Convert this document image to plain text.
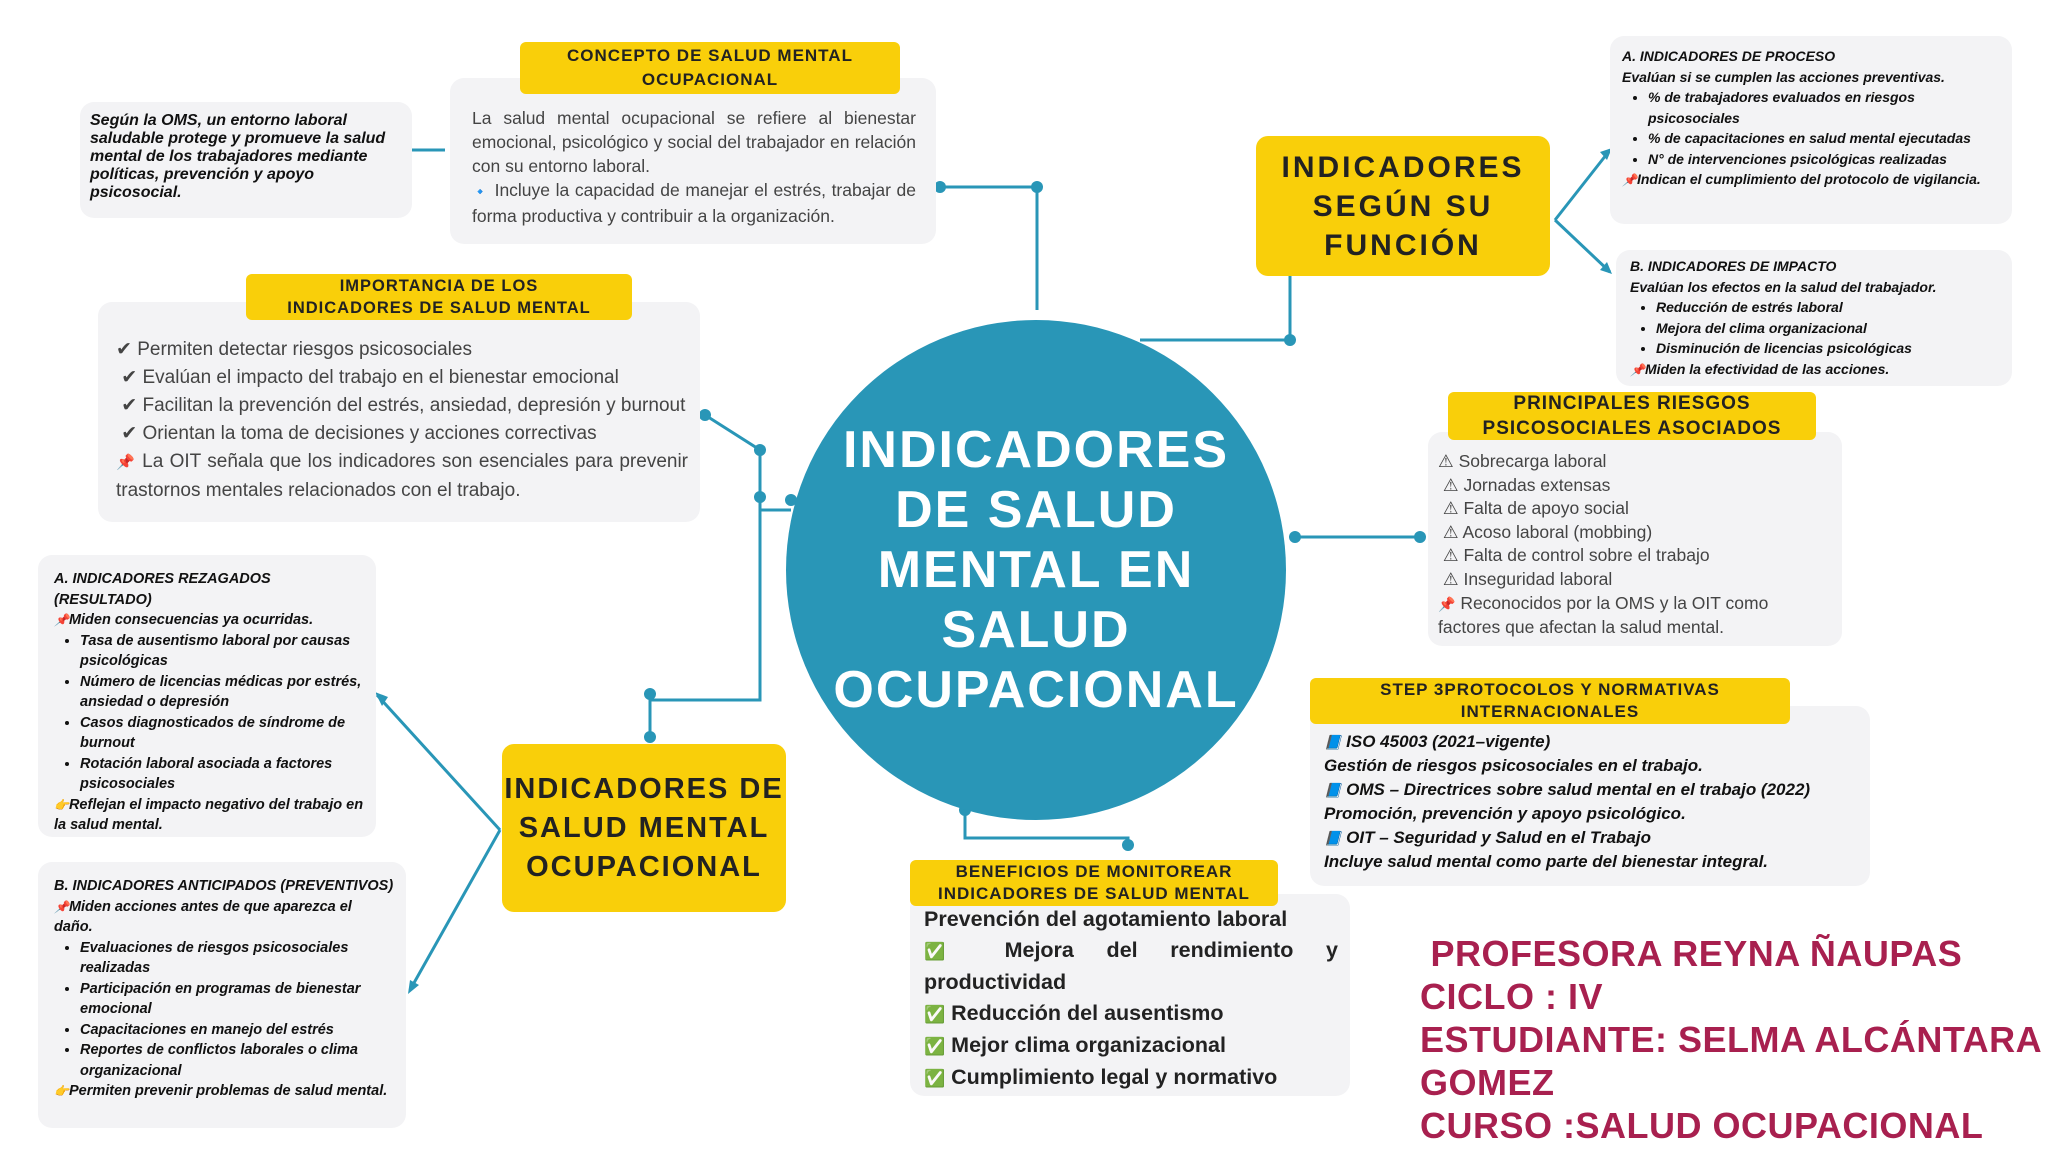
INDICADORES
DE SALUD
MENTAL EN
SALUD
OCUPACIONAL
Según la OMS, un entorno laboral saludable protege y promueve la salud mental de los trabajadores mediante políticas, prevención y apoyo psicosocial.
La salud mental ocupacional se refiere al bienestar emocional, psicológico y social del trabajador en relación con su entorno laboral.
🔹 Incluye la capacidad de manejar el estrés, trabajar de forma productiva y contribuir a la organización.
CONCEPTO DE SALUD MENTAL
OCUPACIONAL
✔ Permiten detectar riesgos psicosociales
✔ Evalúan el impacto del trabajo en el bienestar emocional
✔ Facilitan la prevención del estrés, ansiedad, depresión y burnout
✔ Orientan la toma de decisiones y acciones correctivas
📌 La OIT señala que los indicadores son esenciales para prevenir trastornos mentales relacionados con el trabajo.
IMPORTANCIA DE LOS
INDICADORES DE SALUD MENTAL
A. INDICADORES REZAGADOS (RESULTADO)
📌Miden consecuencias ya ocurridas.
• Tasa de ausentismo laboral por causas psicológicas
• Número de licencias médicas por estrés, ansiedad o depresión
• Casos diagnosticados de síndrome de burnout
• Rotación laboral asociada a factores psicosociales
👉Reflejan el impacto negativo del trabajo en la salud mental.
B. INDICADORES ANTICIPADOS (PREVENTIVOS)
📌Miden acciones antes de que aparezca el daño.
• Evaluaciones de riesgos psicosociales realizadas
• Participación en programas de bienestar emocional
• Capacitaciones en manejo del estrés
• Reportes de conflictos laborales o clima organizacional
👉Permiten prevenir problemas de salud mental.
INDICADORES DE
SALUD MENTAL
OCUPACIONAL
INDICADORES
SEGÚN SU
FUNCIÓN
A. INDICADORES DE PROCESO
Evalúan si se cumplen las acciones preventivas.
• % de trabajadores evaluados en riesgos psicosociales
• % de capacitaciones en salud mental ejecutadas
• N° de intervenciones psicológicas realizadas
📌Indican el cumplimiento del protocolo de vigilancia.
B. INDICADORES DE IMPACTO
Evalúan los efectos en la salud del trabajador.
• Reducción de estrés laboral
• Mejora del clima organizacional
• Disminución de licencias psicológicas
📌Miden la efectividad de las acciones.
⚠ Sobrecarga laboral
⚠ Jornadas extensas
⚠ Falta de apoyo social
⚠ Acoso laboral (mobbing)
⚠ Falta de control sobre el trabajo
⚠ Inseguridad laboral
📌 Reconocidos por la OMS y la OIT como factores que afectan la salud mental.
PRINCIPALES RIESGOS
PSICOSOCIALES ASOCIADOS
📘 ISO 45003 (2021–vigente)
Gestión de riesgos psicosociales en el trabajo.
📘 OMS – Directrices sobre salud mental en el trabajo (2022)
Promoción, prevención y apoyo psicológico.
📘 OIT – Seguridad y Salud en el Trabajo
Incluye salud mental como parte del bienestar integral.
STEP 3PROTOCOLOS Y NORMATIVAS
INTERNACIONALES
Prevención del agotamiento laboral
✅ Mejora del rendimiento y productividad
✅ Reducción del ausentismo
✅ Mejor clima organizacional
✅ Cumplimiento legal y normativo
BENEFICIOS DE MONITOREAR
INDICADORES DE SALUD MENTAL
PROFESORA REYNA ÑAUPAS
CICLO : IV
ESTUDIANTE: SELMA ALCÁNTARA
GOMEZ
CURSO :SALUD OCUPACIONAL
